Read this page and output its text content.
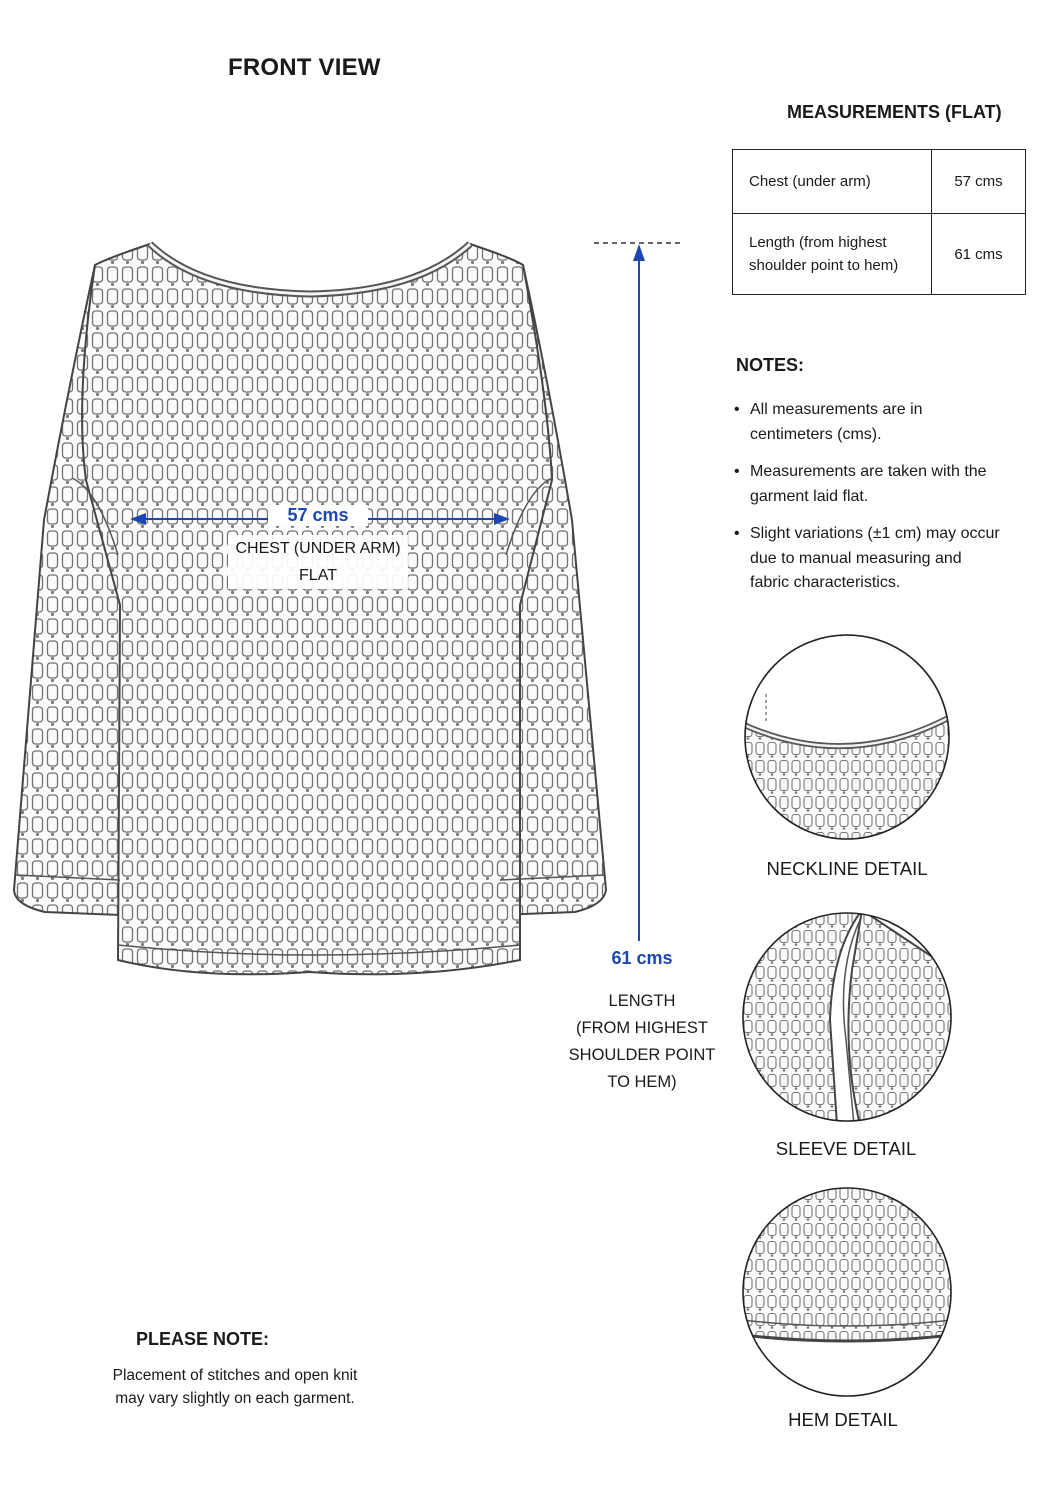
FRONT VIEW
57 cms
CHEST (UNDER ARM)
FLAT
61 cms
LENGTH
(FROM HIGHEST
SHOULDER POINT
TO HEM)
MEASUREMENTS (FLAT)
Chest (under arm)	57 cms
Length (from highest shoulder point to hem)	61 cms
NOTES:
• All measurements are in centimeters (cms).
• Measurements are taken with the garment laid flat.
• Slight variations (±1 cm) may occur due to manual measuring and fabric characteristics.
NECKLINE DETAIL
SLEEVE DETAIL
HEM DETAIL
PLEASE NOTE:
Placement of stitches and open knit
may vary slightly on each garment.
